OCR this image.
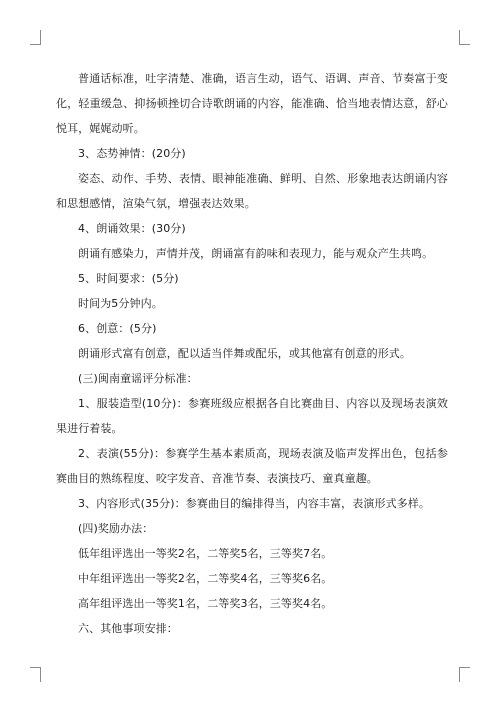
普通话标准，吐字清楚、准确，语言生动，语气、语调、声音、节奏富于变化，轻重缓急、抑扬顿挫切合诗歌朗诵的内容，能准确、恰当地表情达意，舒心悦耳，娓娓动听。

3、态势神情：(20分)

姿态、动作、手势、表情、眼神能准确、鲜明、自然、形象地表达朗诵内容和思想感情，渲染气氛，增强表达效果。

4、朗诵效果：(30分)

朗诵有感染力，声情并茂，朗诵富有韵味和表现力，能与观众产生共鸣。

5、时间要求：(5分)

时间为5分钟内。

6、创意：(5分)

朗诵形式富有创意，配以适当伴舞或配乐，或其他富有创意的形式。

(三)闽南童谣评分标准：

1、服装造型(10分)：参赛班级应根据各自比赛曲目、内容以及现场表演效果进行着装。

2、表演(55分)：参赛学生基本素质高，现场表演及临声发挥出色，包括参赛曲目的熟练程度、咬字发音、音准节奏、表演技巧、童真童趣。

3、内容形式(35分)：参赛曲目的编排得当，内容丰富，表演形式多样。

(四)奖励办法：

低年组评选出一等奖2名，二等奖5名，三等奖7名。

中年组评选出一等奖2名，二等奖4名，三等奖6名。

高年组评选出一等奖1名，二等奖3名，三等奖4名。

六、其他事项安排：
